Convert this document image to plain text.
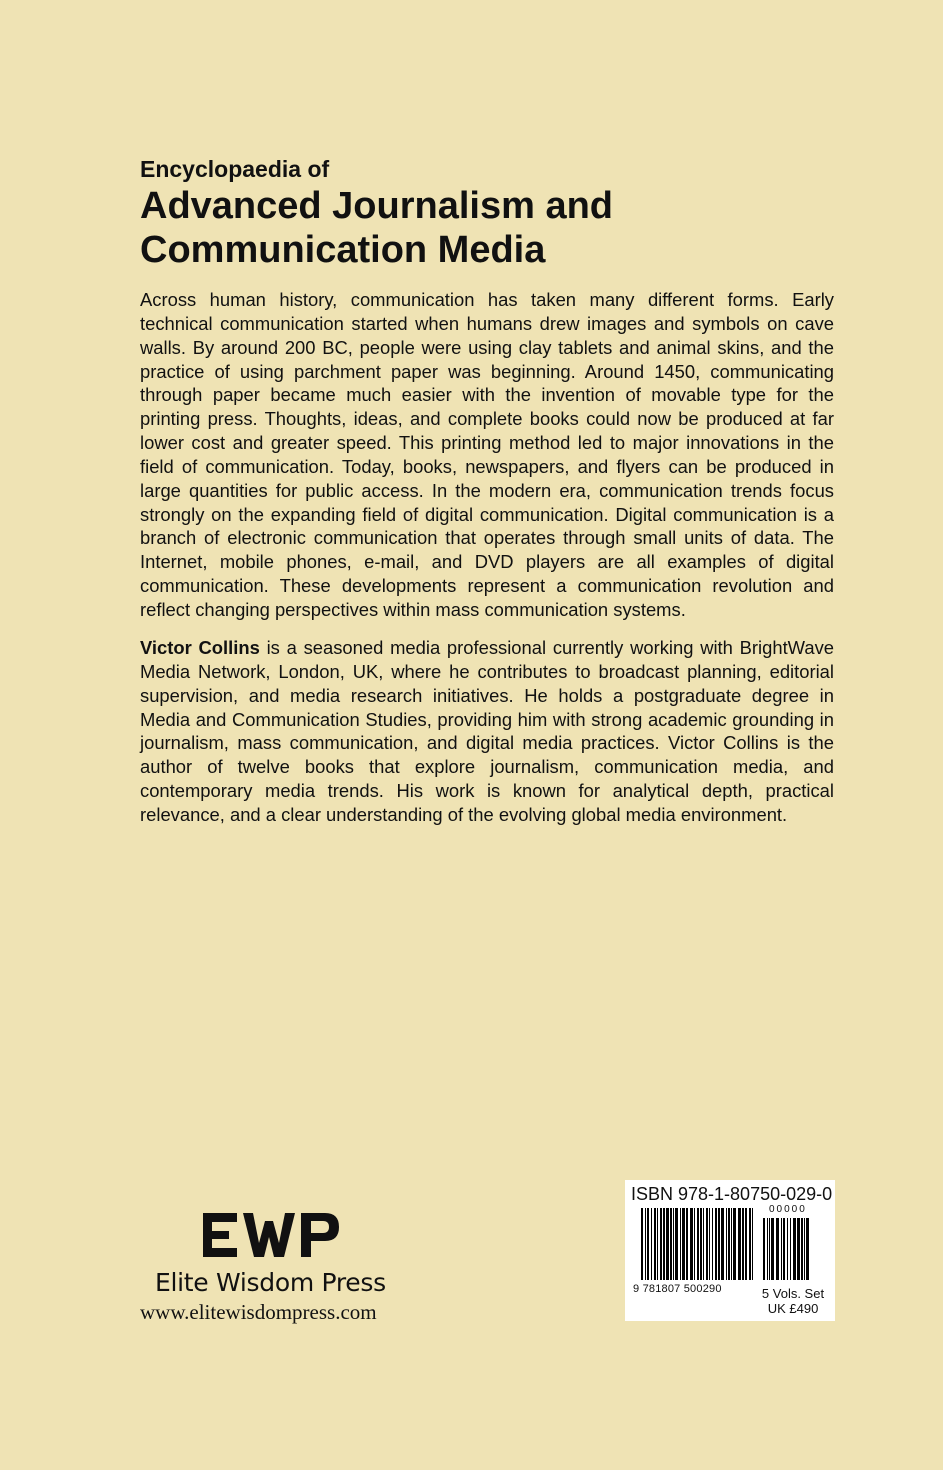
Encyclopaedia of
Advanced Journalism and
Communication Media

Across human history, communication has taken many different forms. Early technical communication started when humans drew images and symbols on cave walls. By around 200 BC, people were using clay tablets and animal skins, and the practice of using parchment paper was beginning. Around 1450, communicating through paper became much easier with the invention of movable type for the printing press. Thoughts, ideas, and complete books could now be produced at far lower cost and greater speed. This printing method led to major innovations in the field of communication. Today, books, newspapers, and flyers can be produced in large quantities for public access. In the modern era, communication trends focus strongly on the expanding field of digital communication. Digital communication is a branch of electronic communication that operates through small units of data. The Internet, mobile phones, e-mail, and DVD players are all examples of digital communication. These developments represent a communication revolution and reflect changing perspectives within mass communication systems.

Victor Collins is a seasoned media professional currently working with BrightWave Media Network, London, UK, where he contributes to broadcast planning, editorial supervision, and media research initiatives. He holds a postgraduate degree in Media and Communication Studies, providing him with strong academic grounding in journalism, mass communication, and digital media practices. Victor Collins is the author of twelve books that explore journalism, communication media, and contemporary media trends. His work is known for analytical depth, practical relevance, and a clear understanding of the evolving global media environment.

Elite Wisdom Press
www.elitewisdompress.com
ISBN 978-1-80750-029-0
9 781807 500290
00000
5 Vols. Set
UK £490
